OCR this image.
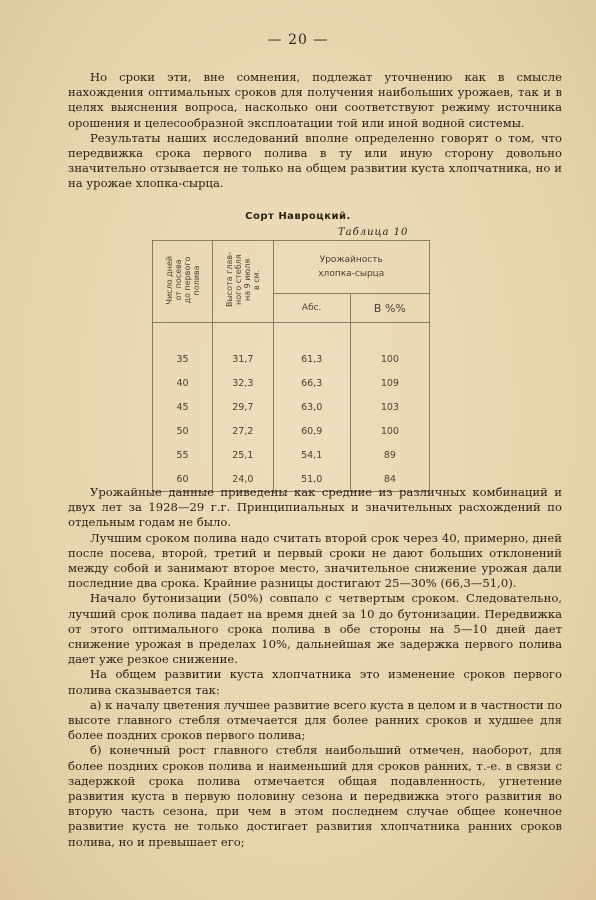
— 20 —

Но сроки эти, вне сомнения, подлежат уточнению как в смысле нахождения оптимальных сроков для получения наибольших урожаев, так и в целях выяснения вопроса, насколько они соответствуют режиму источника орошения и целесообразной эксплоатации той или иной водной системы.

Результаты наших исследований вполне определенно говорят о том, что передвижка срока первого полива в ту или иную сторону довольно значительно отзывается не только на общем развитии куста хлопчатника, но и на урожае хлопка-сырца.

Сорт Навроцкий.
Таблица 10
Число дней
от посева
до первого
полива	Высота глав-
ного стебля
на 9 июля
в см.	Урожайность
хлопка-сырца	
		Абс.	В %%

35	31,7	61,3	100
40	32,3	66,3	109
45	29,7	63,0	103
50	27,2	60,9	100
55	25,1	54,1	89
60	24,0	51,0	84

Урожайные данные приведены как средние из различных комбинаций и двух лет за 1928—29 г.г. Принципиальных и значительных расхождений по отдельным годам не было.

Лучшим сроком полива надо считать второй срок через 40, примерно, дней после посева, второй, третий и первый сроки не дают больших отклонений между собой и занимают второе место, значительное снижение урожая дали последние два срока. Крайние разницы достигают 25—30% (66,3—51,0).

Начало бутонизации (50%) совпало с четвертым сроком. Следовательно, лучший срок полива падает на время дней за 10 до бутонизации. Передвижка от этого оптимального срока полива в обе стороны на 5—10 дней дает снижение урожая в пределах 10%, дальнейшая же задержка первого полива дает уже резкое снижение.

На общем развитии куста хлопчатника это изменение сроков первого полива сказывается так:

а) к началу цветения лучшее развитие всего куста в целом и в частности по высоте главного стебля отмечается для более ранних сроков и худшее для более поздних сроков первого полива;

б) конечный рост главного стебля наибольший отмечен, наоборот, для более поздних сроков полива и наименьший для сроков ранних, т.-е. в связи с задержкой срока полива отмечается общая подавленность, угнетение развития куста в первую половину сезона и передвижка этого развития во вторую часть сезона, при чем в этом последнем случае общее конечное развитие куста не только достигает развития хлопчатника ранних сроков полива, но и превышает его;
